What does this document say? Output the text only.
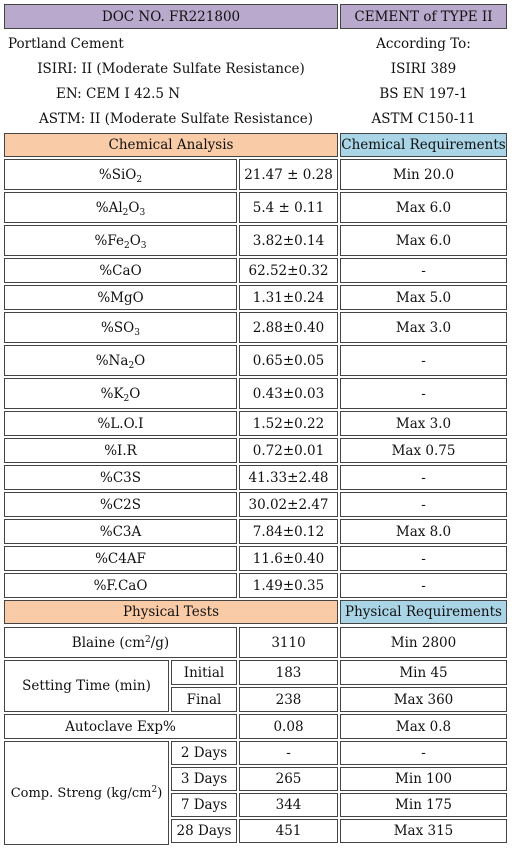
DOC NO. FR221800	CEMENT of TYPE II
Portland Cement	According To:
ISIRI: II (Moderate Sulfate Resistance)	ISIRI 389
EN: CEM I 42.5 N	BS EN 197-1
ASTM: II (Moderate Sulfate Resistance)	ASTM C150-11
Chemical Analysis	Chemical Requirements
%SiO$_2$	21.47 ± 0.28	Min 20.0
$\%Al_2O_3$	5.4 ± 0.11	Max 6.0
$\%Fe_2O_3$	3.82±0.14	Max 6.0
%CaO	62.52±0.32	-
%MgO	1.31±0.24	Max 5.0
$\%SO_3$	2.88±0.40	Max 3.0
$\%Na_2O$	0.65±0.05	-
$\%K_2O$	0.43±0.03	-
%L.O.I	1.52±0.22	Max 3.0
%I.R	0.72±0.01	Max 0.75
%C3S	41.33±2.48	-
%C2S	30.02±2.47	-
%C3A	7.84±0.12	Max 8.0
%C4AF	11.6±0.40	-
%F.CaO	1.49±0.35	-
Physical Tests	Physical Requirements
Blaine $(cm^2/g)$	3110	Min 2800
Setting Time (min)
Initial	183	Min 45
Final	238	Max 360
Autoclave Exp%	0.08	Max 0.8
Comp. Streng $(kg/cm^2)$
2 Days	-	-
3 Days	265	Min 100
7 Days	344	Min 175
28 Days	451	Max 315
